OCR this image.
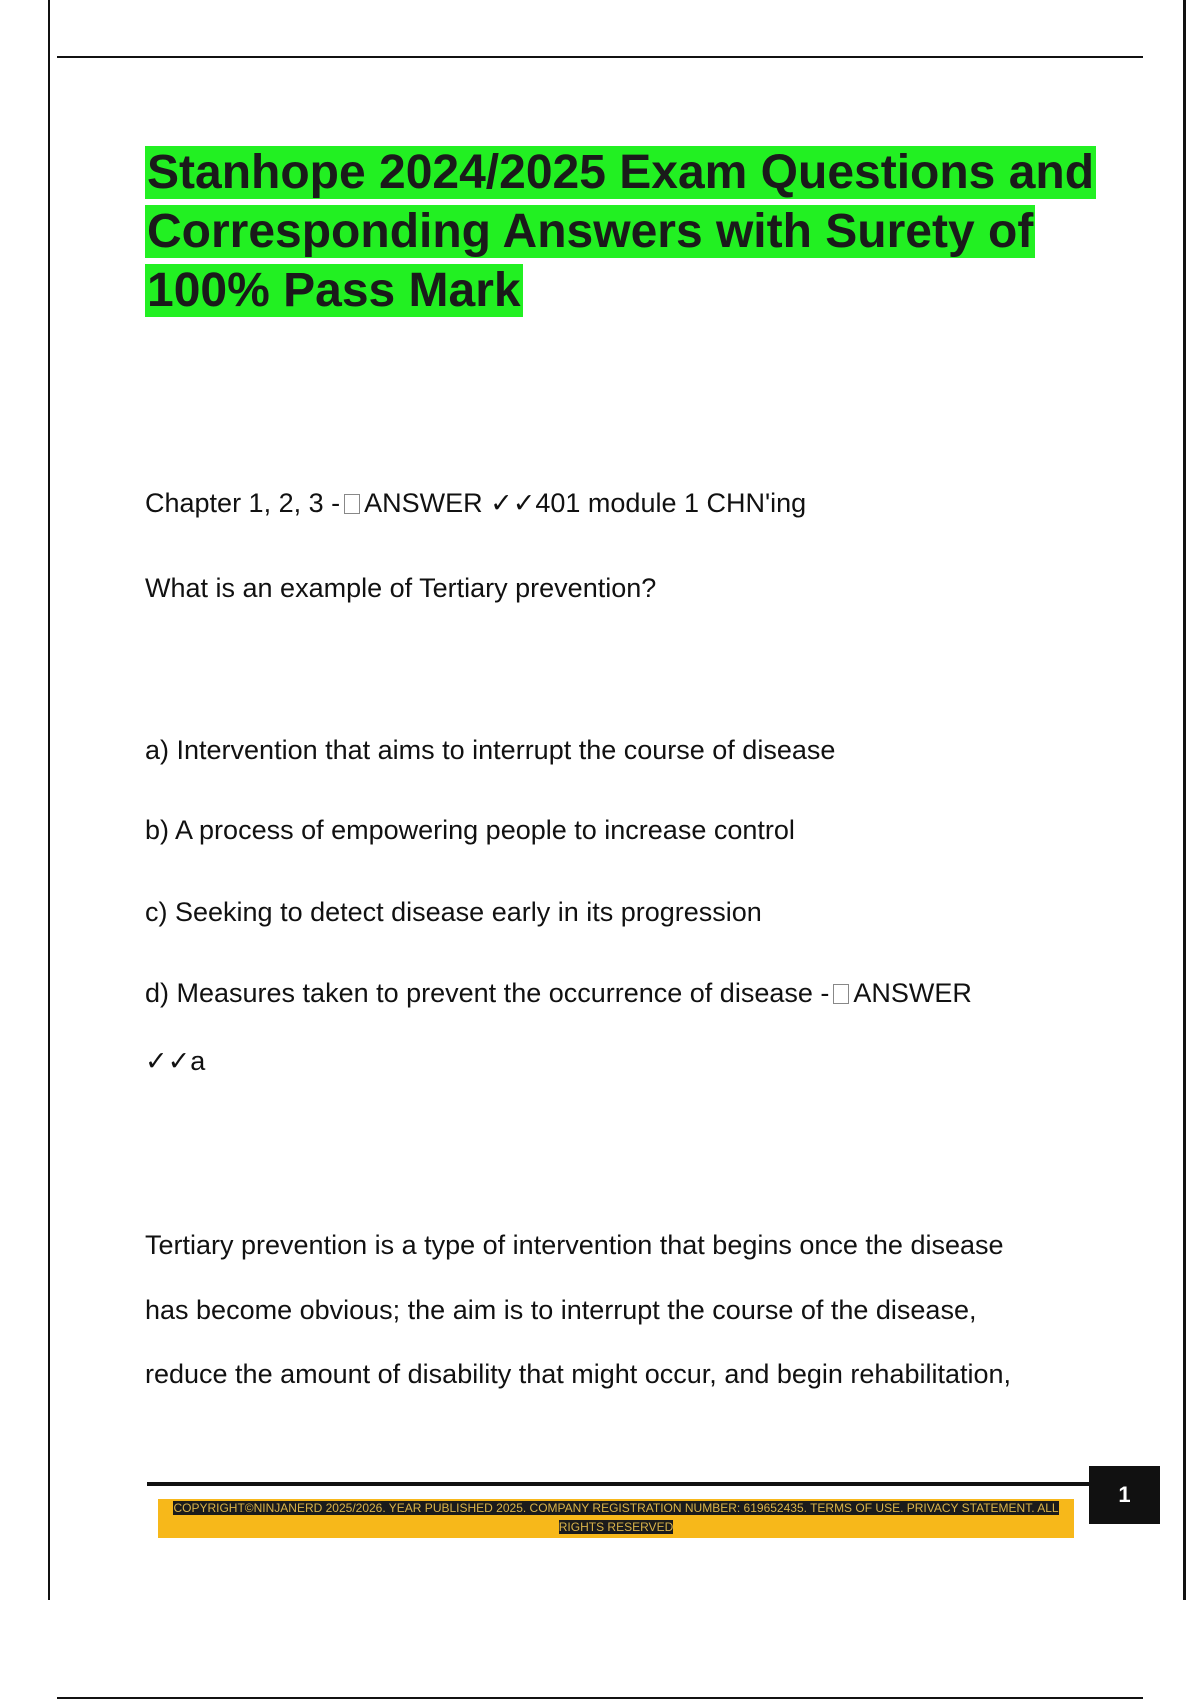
Stanhope 2024/2025 Exam Questions and Corresponding Answers with Surety of 100% Pass Mark

Chapter 1, 2, 3 - ANSWER ✓✓401 module 1 CHN'ing

What is an example of Tertiary prevention?

a) Intervention that aims to interrupt the course of disease

b) A process of empowering people to increase control

c) Seeking to detect disease early in its progression

d) Measures taken to prevent the occurrence of disease - ANSWER

✓✓a

Tertiary prevention is a type of intervention that begins once the disease
has become obvious; the aim is to interrupt the course of the disease,
reduce the amount of disability that might occur, and begin rehabilitation,

1
COPYRIGHT©NINJANERD 2025/2026. YEAR PUBLISHED 2025. COMPANY REGISTRATION NUMBER: 619652435. TERMS OF USE. PRIVACY STATEMENT. ALL RIGHTS RESERVED
